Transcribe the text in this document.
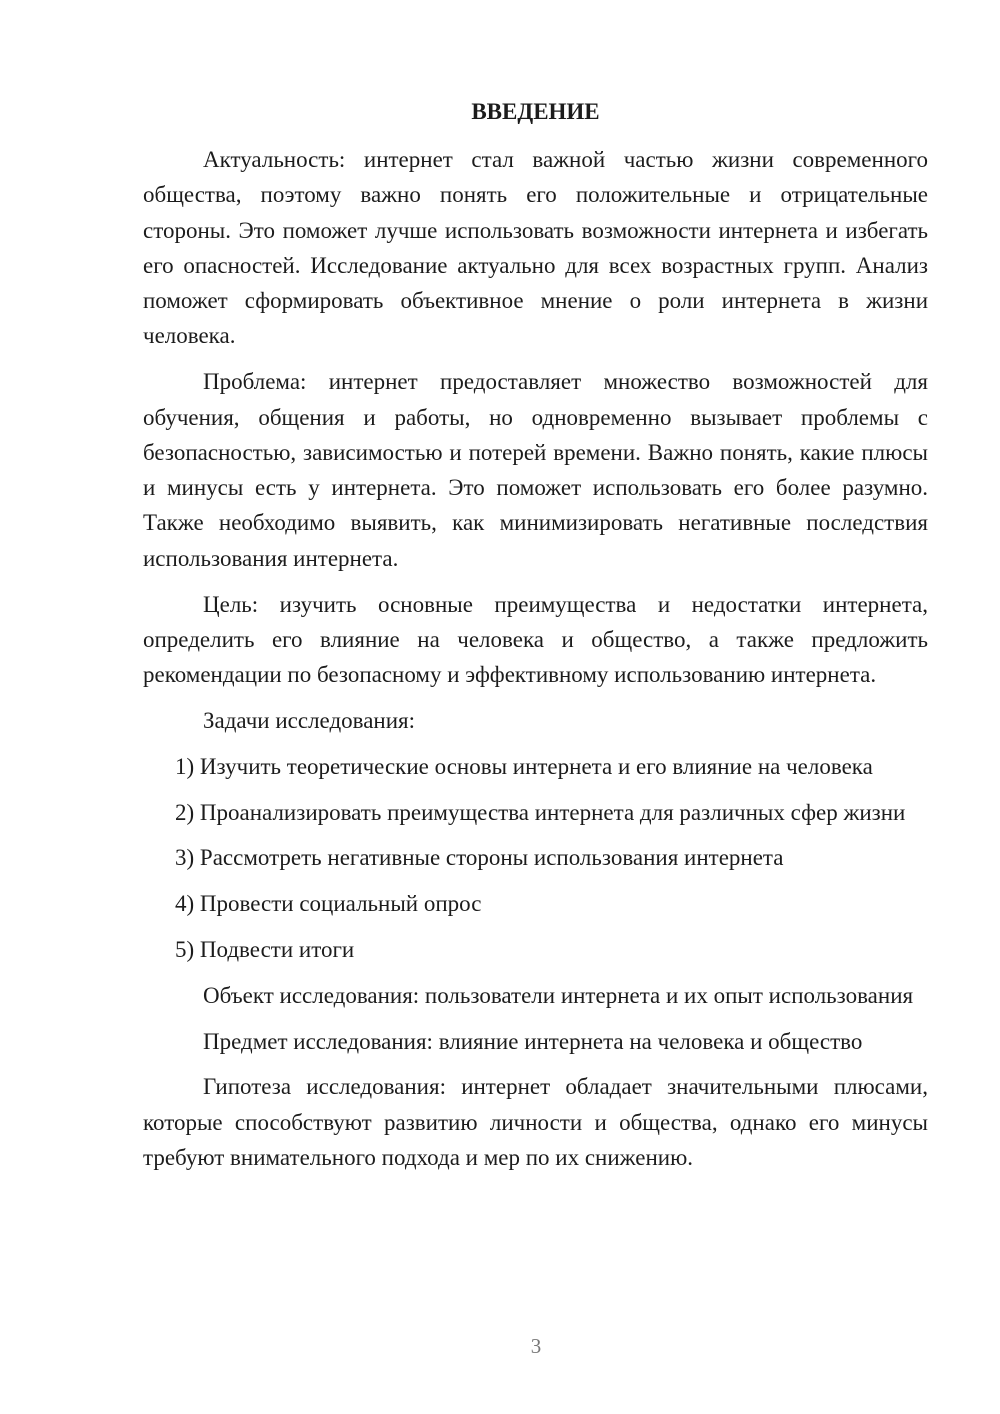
ВВЕДЕНИЕ

Актуальность: интернет стал важной частью жизни современного общества, поэтому важно понять его положительные и отрицательные стороны. Это поможет лучше использовать возможности интернета и избегать его опасностей. Исследование актуально для всех возрастных групп. Анализ поможет сформировать объективное мнение о роли интернета в жизни человека.

Проблема: интернет предоставляет множество возможностей для обучения, общения и работы, но одновременно вызывает проблемы с безопасностью, зависимостью и потерей времени. Важно понять, какие плюсы и минусы есть у интернета. Это поможет использовать его более разумно. Также необходимо выявить, как минимизировать негативные последствия использования интернета.

Цель: изучить основные преимущества и недостатки интернета, определить его влияние на человека и общество, а также предложить рекомендации по безопасному и эффективному использованию интернета.

Задачи исследования:

1) Изучить теоретические основы интернета и его влияние на человека

2) Проанализировать преимущества интернета для различных сфер жизни

3) Рассмотреть негативные стороны использования интернета

4) Провести социальный опрос

5) Подвести итоги

Объект исследования: пользователи интернета и их опыт использования

Предмет исследования: влияние интернета на человека и общество

Гипотеза исследования: интернет обладает значительными плюсами, которые способствуют развитию личности и общества, однако его минусы требуют внимательного подхода и мер по их снижению.

3
